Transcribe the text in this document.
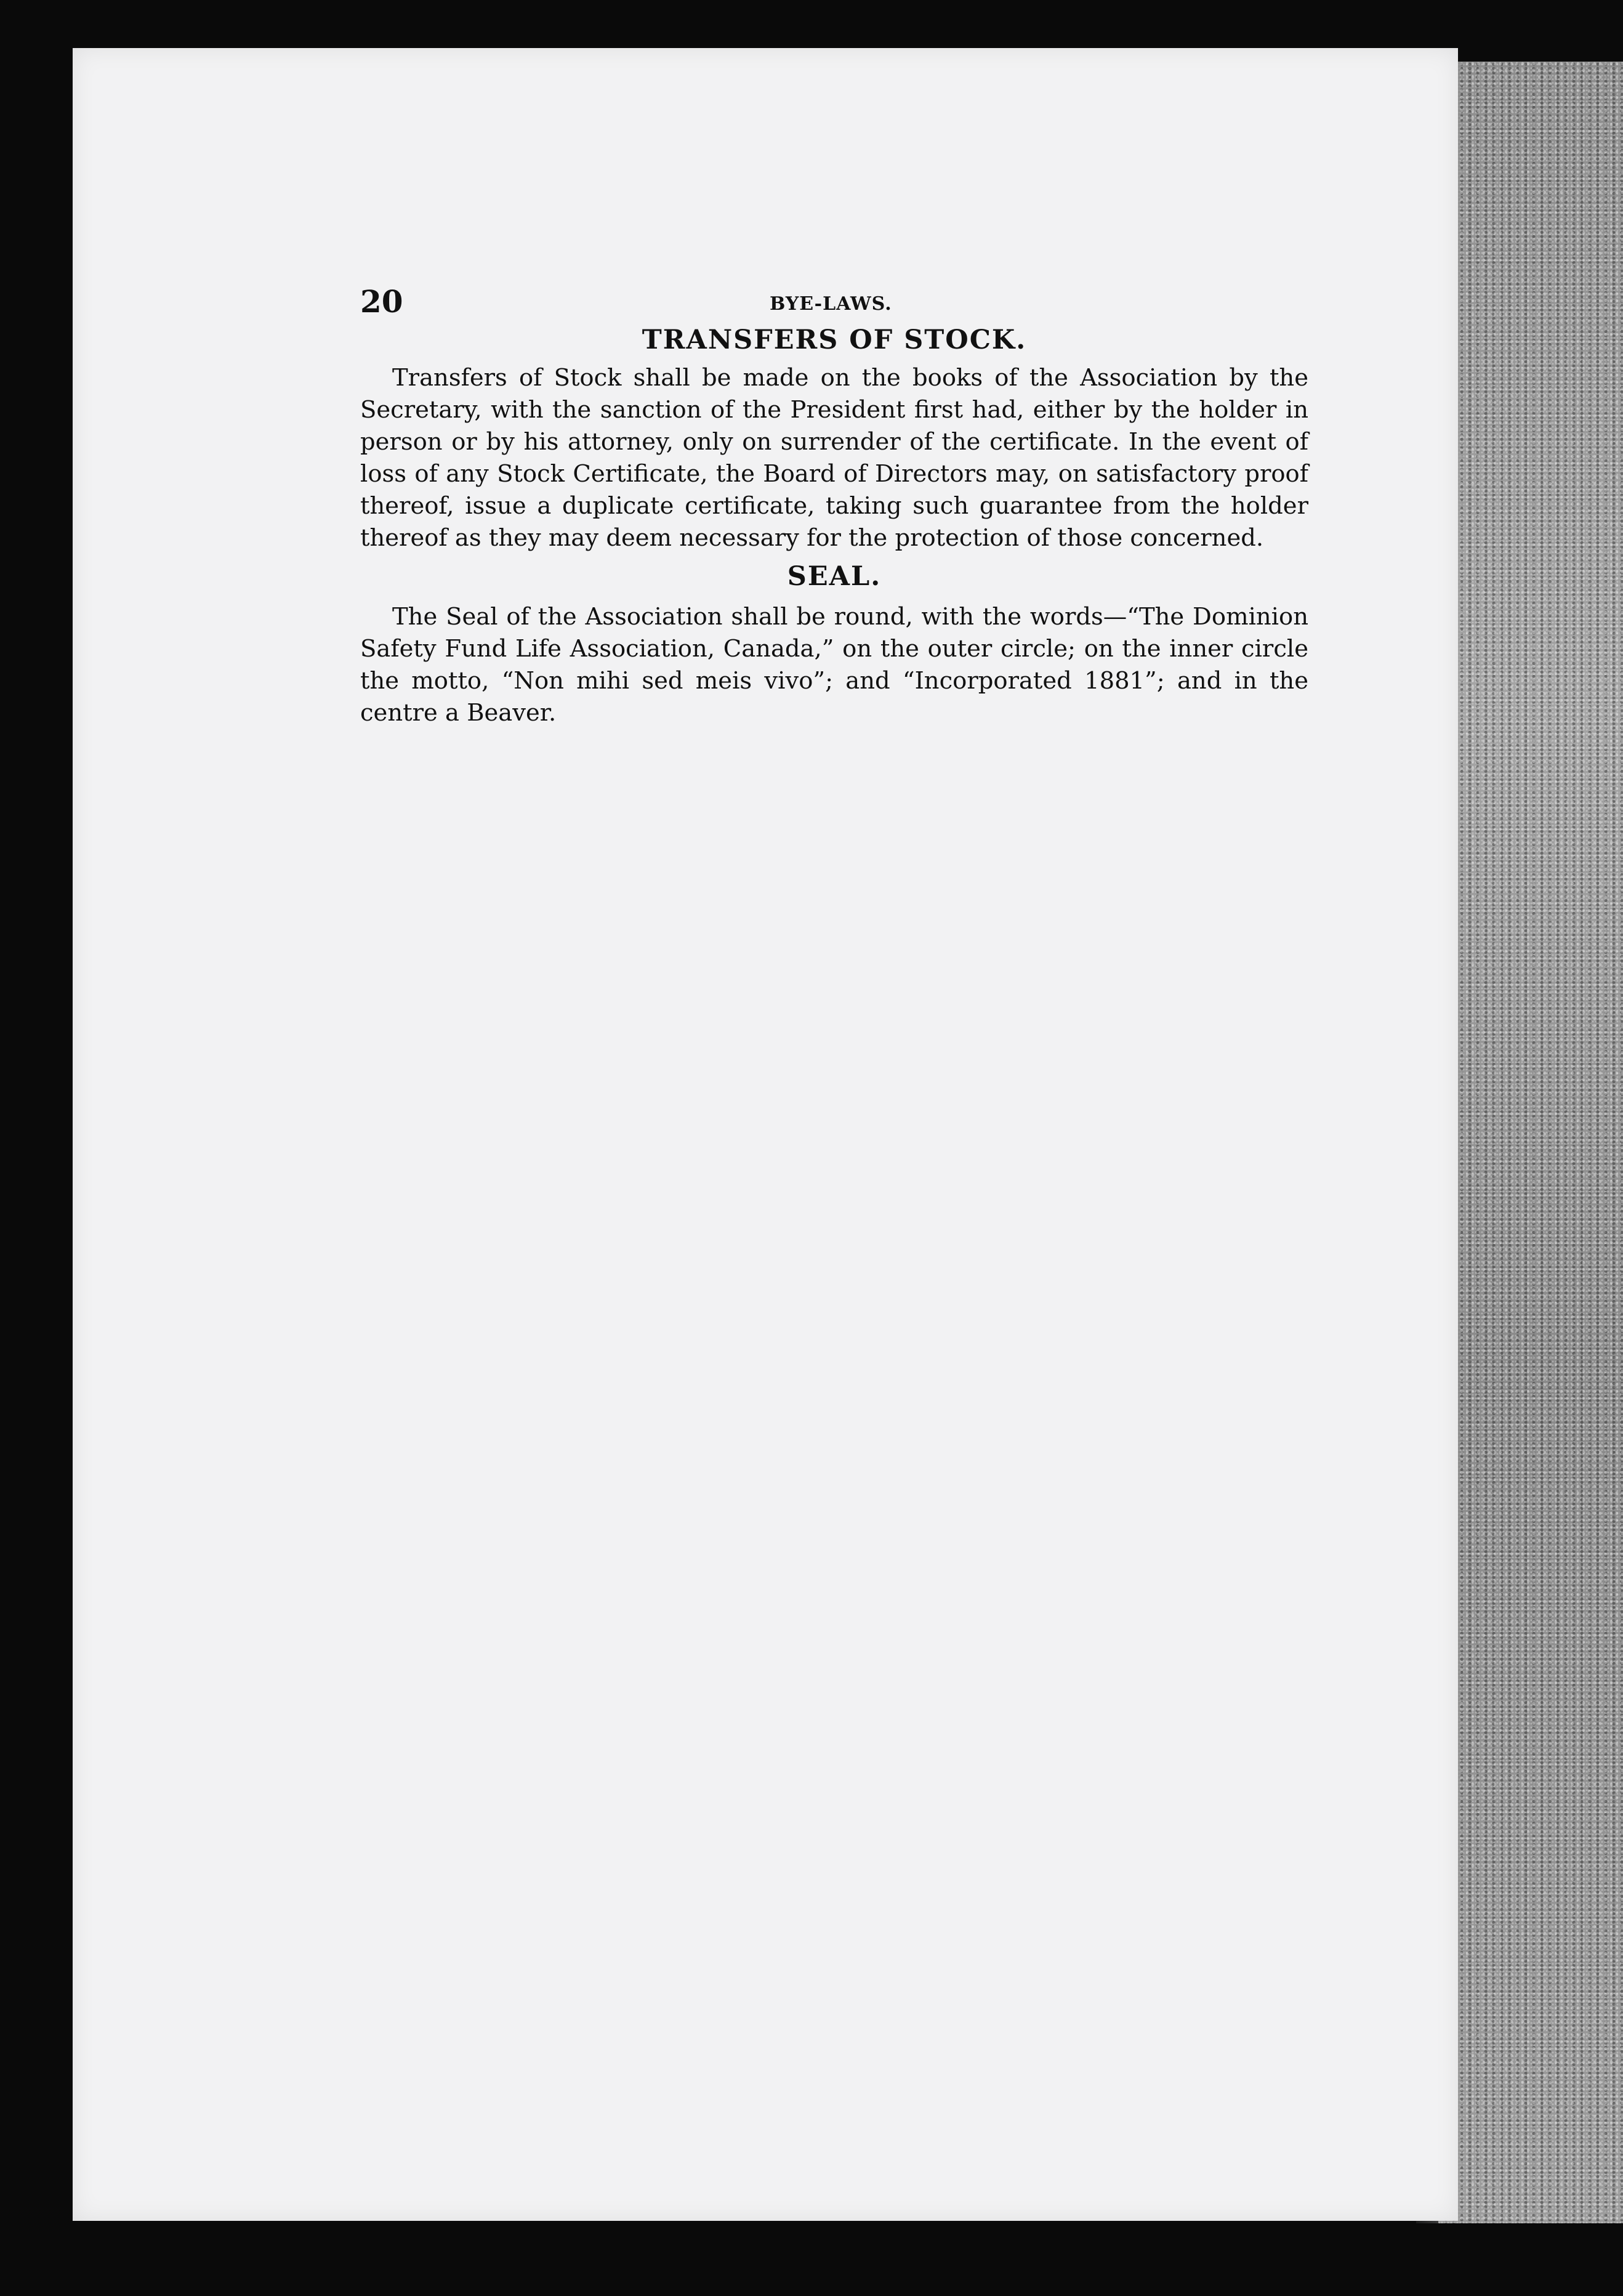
20	BYE-LAWS.
TRANSFERS OF STOCK.

Transfers of Stock shall be made on the books of the Association by the Secretary, with the sanction of the President first had, either by the holder in person or by his attorney, only on surrender of the certificate. In the event of loss of any Stock Certificate, the Board of Directors may, on satisfactory proof thereof, issue a duplicate certificate, taking such guarantee from the holder thereof as they may deem necessary for the protection of those concerned.

SEAL.

The Seal of the Association shall be round, with the words—“The Dominion Safety Fund Life Association, Canada,” on the outer circle; on the inner circle the motto, “Non mihi sed meis vivo”; and “Incorporated 1881”; and in the centre a Beaver.
